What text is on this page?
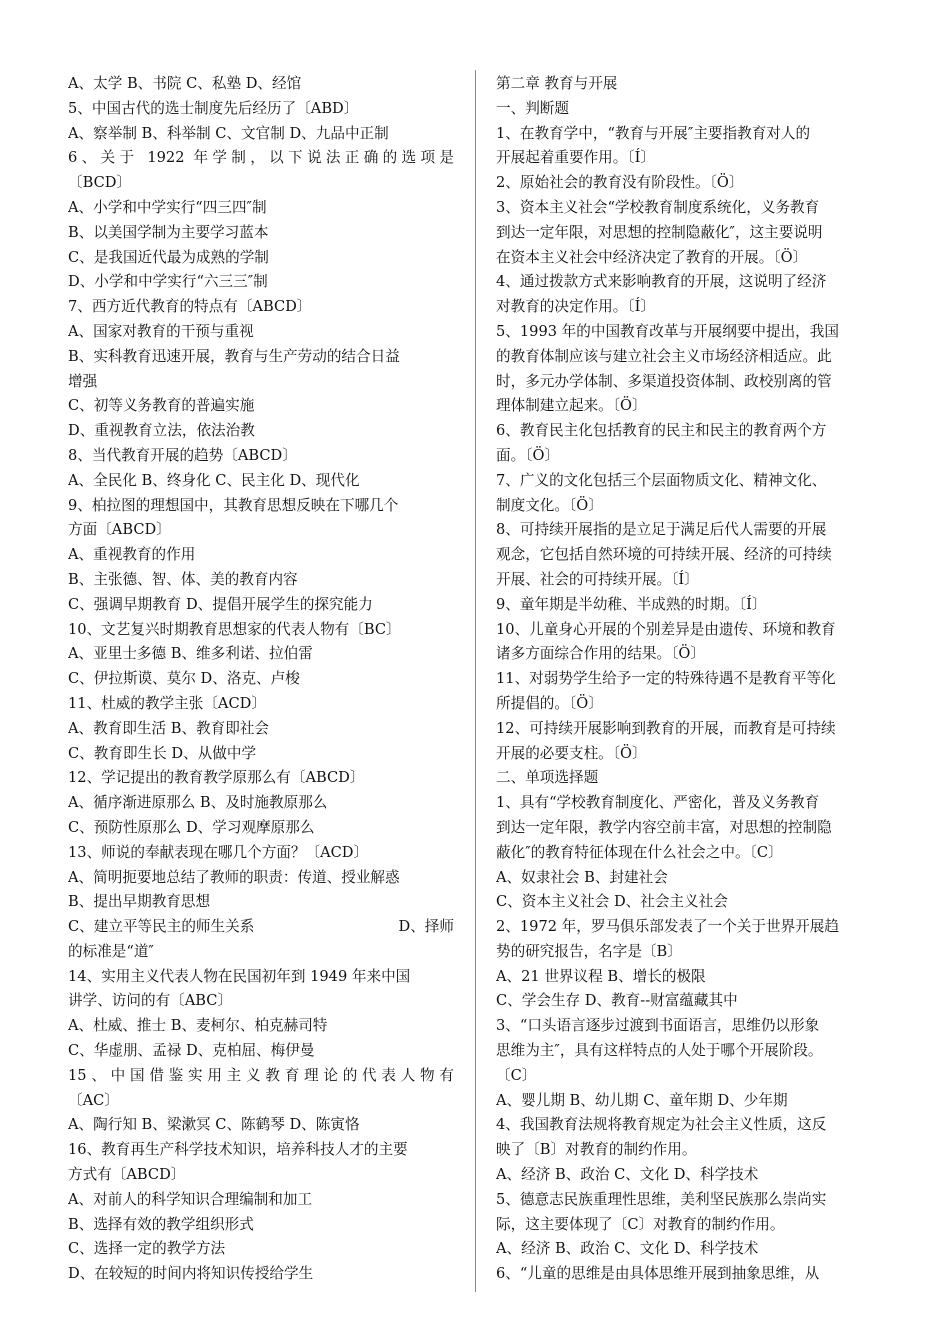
A、太学 B、书院 C、私塾 D、经馆
5、中国古代的选士制度先后经历了〔ABD〕
A、察举制 B、科举制 C、文官制 D、九品中正制
6、关于 1922 年学制，以下说法正确的选项是
〔BCD〕
A、小学和中学实行“四三四″制
B、以美国学制为主要学习蓝本
C、是我国近代最为成熟的学制
D、小学和中学实行“六三三″制
7、西方近代教育的特点有〔ABCD〕
A、国家对教育的干预与重视
B、实科教育迅速开展，教育与生产劳动的结合日益
增强
C、初等义务教育的普遍实施
D、重视教育立法，依法治教
8、当代教育开展的趋势〔ABCD〕
A、全民化 B、终身化 C、民主化 D、现代化
9、柏拉图的理想国中，其教育思想反映在下哪几个
方面〔ABCD〕
A、重视教育的作用
B、主张德、智、体、美的教育内容
C、强调早期教育 D、提倡开展学生的探究能力
10、文艺复兴时期教育思想家的代表人物有〔BC〕
A、亚里士多德 B、维多利诺、拉伯雷
C、伊拉斯谟、莫尔 D、洛克、卢梭
11、杜威的教学主张〔ACD〕
A、教育即生活 B、教育即社会
C、教育即生长 D、从做中学
12、学记提出的教育教学原那么有〔ABCD〕
A、循序渐进原那么 B、及时施教原那么
C、预防性原那么 D、学习观摩原那么
13、师说的奉献表现在哪几个方面？〔ACD〕
A、简明扼要地总结了教师的职责：传道、授业解惑
B、提出早期教育思想
C、建立平等民主的师生关系	D、择师
的标准是“道″
14、实用主义代表人物在民国初年到 1949 年来中国
讲学、访问的有〔ABC〕
A、杜威、推士 B、麦柯尔、柏克赫司特
C、华虚朋、孟禄 D、克柏屈、梅伊曼
15、中国借鉴实用主义教育理论的代表人物有
〔AC〕
A、陶行知 B、梁漱冥 C、陈鹤琴 D、陈寅恪
16、教育再生产科学技术知识，培养科技人才的主要
方式有〔ABCD〕
A、对前人的科学知识合理编制和加工
B、选择有效的教学组织形式
C、选择一定的教学方法
D、在较短的时间内将知识传授给学生
第二章 教育与开展
一、判断题
1、在教育学中，“教育与开展″主要指教育对人的
开展起着重要作用。〔Í〕
2、原始社会的教育没有阶段性。〔Ö〕
3、资本主义社会“学校教育制度系统化，义务教育
到达一定年限，对思想的控制隐蔽化″，这主要说明
在资本主义社会中经济决定了教育的开展。〔Ö〕
4、通过拨款方式来影响教育的开展，这说明了经济
对教育的决定作用。〔Í〕
5、1993 年的中国教育改革与开展纲要中提出，我国
的教育体制应该与建立社会主义市场经济相适应。此
时，多元办学体制、多渠道投资体制、政校别离的管
理体制建立起来。〔Ö〕
6、教育民主化包括教育的民主和民主的教育两个方
面。〔Ö〕
7、广义的文化包括三个层面物质文化、精神文化、
制度文化。〔Ö〕
8、可持续开展指的是立足于满足后代人需要的开展
观念，它包括自然环境的可持续开展、经济的可持续
开展、社会的可持续开展。〔Í〕
9、童年期是半幼稚、半成熟的时期。〔Í〕
10、儿童身心开展的个别差异是由遗传、环境和教育
诸多方面综合作用的结果。〔Ö〕
11、对弱势学生给予一定的特殊待遇不是教育平等化
所提倡的。〔Ö〕
12、可持续开展影响到教育的开展，而教育是可持续
开展的必要支柱。〔Ö〕
二、单项选择题
1、具有“学校教育制度化、严密化，普及义务教育
到达一定年限，教学内容空前丰富，对思想的控制隐
蔽化″的教育特征体现在什么社会之中。〔C〕
A、奴隶社会 B、封建社会
C、资本主义社会 D、社会主义社会
2、1972 年，罗马俱乐部发表了一个关于世界开展趋
势的研究报告，名字是〔B〕
A、21 世界议程 B、增长的极限
C、学会生存 D、教育--财富蕴藏其中
3、“口头语言逐步过渡到书面语言，思维仍以形象
思维为主″，具有这样特点的人处于哪个开展阶段。
〔C〕
A、婴儿期 B、幼儿期 C、童年期 D、少年期
4、我国教育法规将教育规定为社会主义性质，这反
映了〔B〕对教育的制约作用。
A、经济 B、政治 C、文化 D、科学技术
5、德意志民族重理性思维，美利坚民族那么崇尚实
际，这主要体现了〔C〕对教育的制约作用。
A、经济 B、政治 C、文化 D、科学技术
6、“儿童的思维是由具体思维开展到抽象思维，从
